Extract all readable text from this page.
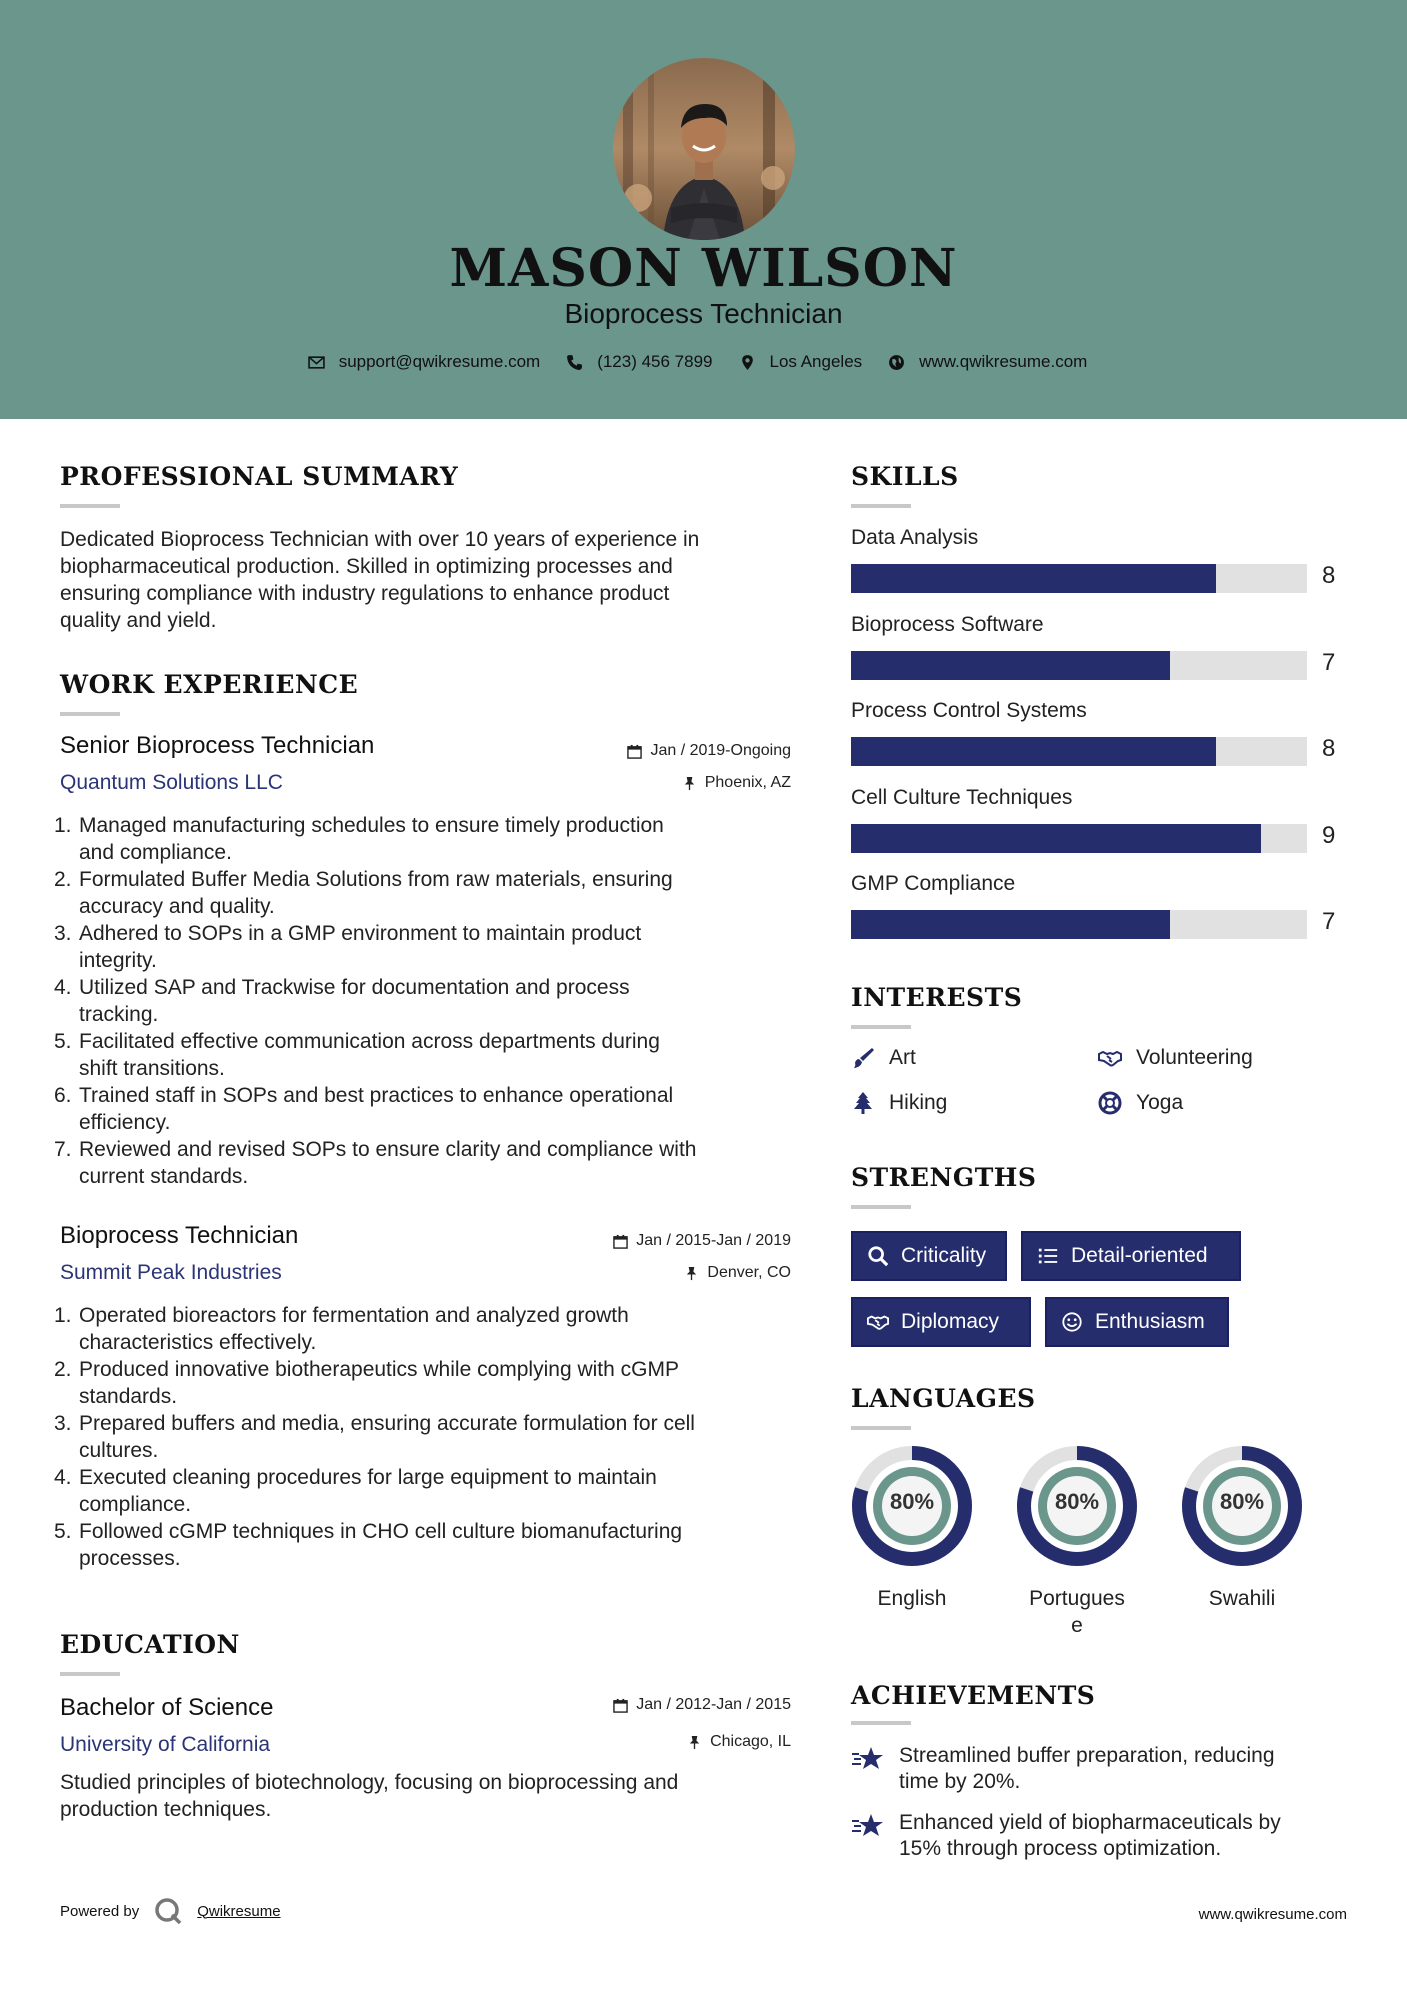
MASON WILSON
Bioprocess Technician
support@qwikresume.com	(123) 456 7899	Los Angeles	www.qwikresume.com
PROFESSIONAL SUMMARY
Dedicated Bioprocess Technician with over 10 years of experience in
biopharmaceutical production. Skilled in optimizing processes and
ensuring compliance with industry regulations to enhance product
quality and yield.
WORK EXPERIENCE
Senior Bioprocess Technician	Jan / 2019-Ongoing
Quantum Solutions LLC	Phoenix, AZ
1. Managed manufacturing schedules to ensure timely production
and compliance.
2. Formulated Buffer Media Solutions from raw materials, ensuring
accuracy and quality.
3. Adhered to SOPs in a GMP environment to maintain product
integrity.
4. Utilized SAP and Trackwise for documentation and process
tracking.
5. Facilitated effective communication across departments during
shift transitions.
6. Trained staff in SOPs and best practices to enhance operational
efficiency.
7. Reviewed and revised SOPs to ensure clarity and compliance with
current standards.
Bioprocess Technician	Jan / 2015-Jan / 2019
Summit Peak Industries	Denver, CO
1. Operated bioreactors for fermentation and analyzed growth
characteristics effectively.
2. Produced innovative biotherapeutics while complying with cGMP
standards.
3. Prepared buffers and media, ensuring accurate formulation for cell
cultures.
4. Executed cleaning procedures for large equipment to maintain
compliance.
5. Followed cGMP techniques in CHO cell culture biomanufacturing
processes.
EDUCATION
Bachelor of Science	Jan / 2012-Jan / 2015
University of California	Chicago, IL
Studied principles of biotechnology, focusing on bioprocessing and
production techniques.
SKILLS
Data Analysis
8
Bioprocess Software
7
Process Control Systems
8
Cell Culture Techniques
9
GMP Compliance
7
INTERESTS
Art	Volunteering
Hiking	Yoga
STRENGTHS
Criticality	Detail-oriented
Diplomacy	Enthusiasm
LANGUAGES
80%
English
80%
Portugues
e
80%
Swahili
ACHIEVEMENTS
Streamlined buffer preparation, reducing
time by 20%.
Enhanced yield of biopharmaceuticals by
15% through process optimization.
Powered by	Qwikresume	www.qwikresume.com
